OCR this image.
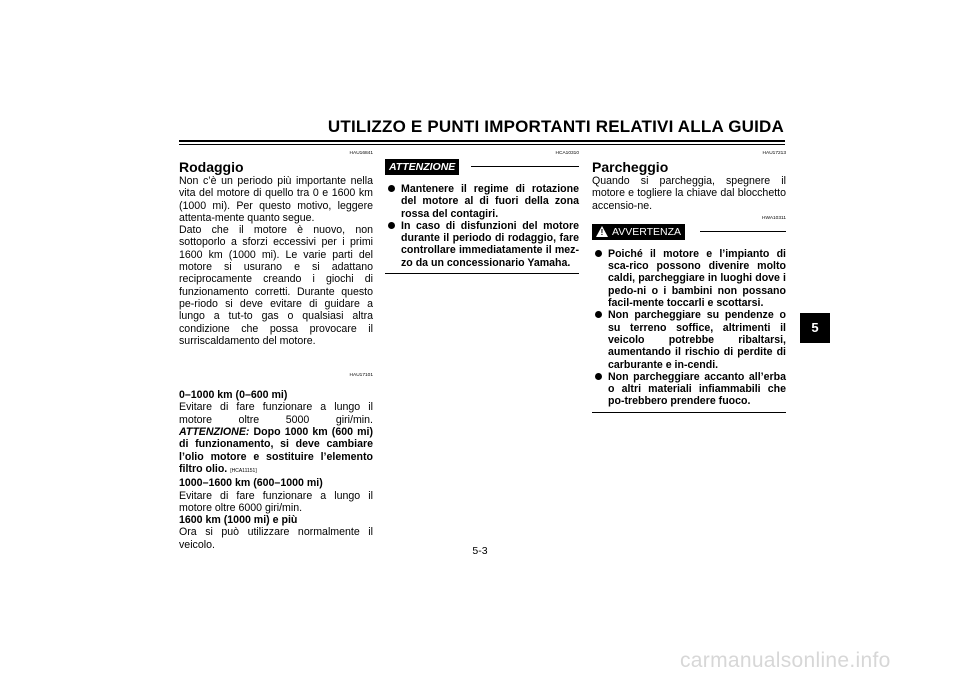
UTILIZZO E PUNTI IMPORTANTI RELATIVI ALLA GUIDA
5
HAU16841
Rodaggio

Non c’è un periodo più importante nella vita del motore di quello tra 0 e 1600 km (1000 mi). Per questo motivo, leggere attenta-mente quanto segue.

Dato che il motore è nuovo, non sottoporlo a sforzi eccessivi per i primi 1600 km (1000 mi). Le varie parti del motore si usurano e si adattano reciprocamente creando i giochi di funzionamento corretti. Durante questo pe-riodo si deve evitare di guidare a lungo a tut-to gas o qualsiasi altra condizione che possa provocare il surriscaldamento del motore.

HAU17101

0–1000 km (0–600 mi)

Evitare di fare funzionare a lungo il motore oltre 5000 giri/min. ATTENZIONE: Dopo 1000 km (600 mi) di funzionamento, si deve cambiare l’olio motore e sostituire l’elemento filtro olio. [HCA11151]

1000–1600 km (600–1000 mi)

Evitare di fare funzionare a lungo il motore oltre 6000 giri/min.

1600 km (1000 mi) e più

Ora si può utilizzare normalmente il veicolo.

HCA10310
ATTENZIONE
Mantenere il regime di rotazione del motore al di fuori della zona rossa del contagiri.
In caso di disfunzioni del motore durante il periodo di rodaggio, fare controllare immediatamente il mez-zo da un concessionario Yamaha.
HAU17213
Parcheggio

Quando si parcheggia, spegnere il motore e togliere la chiave dal blocchetto accensio-ne.

HWA10311
! AVVERTENZA
Poiché il motore e l’impianto di sca-rico possono divenire molto caldi, parcheggiare in luoghi dove i pedo-ni o i bambini non possano facil-mente toccarli e scottarsi.
Non parcheggiare su pendenze o su terreno soffice, altrimenti il veicolo potrebbe ribaltarsi, aumentando il rischio di perdite di carburante e in-cendi.
Non parcheggiare accanto all’erba o altri materiali infiammabili che po-trebbero prendere fuoco.
5-3
carmanualsonline.info
